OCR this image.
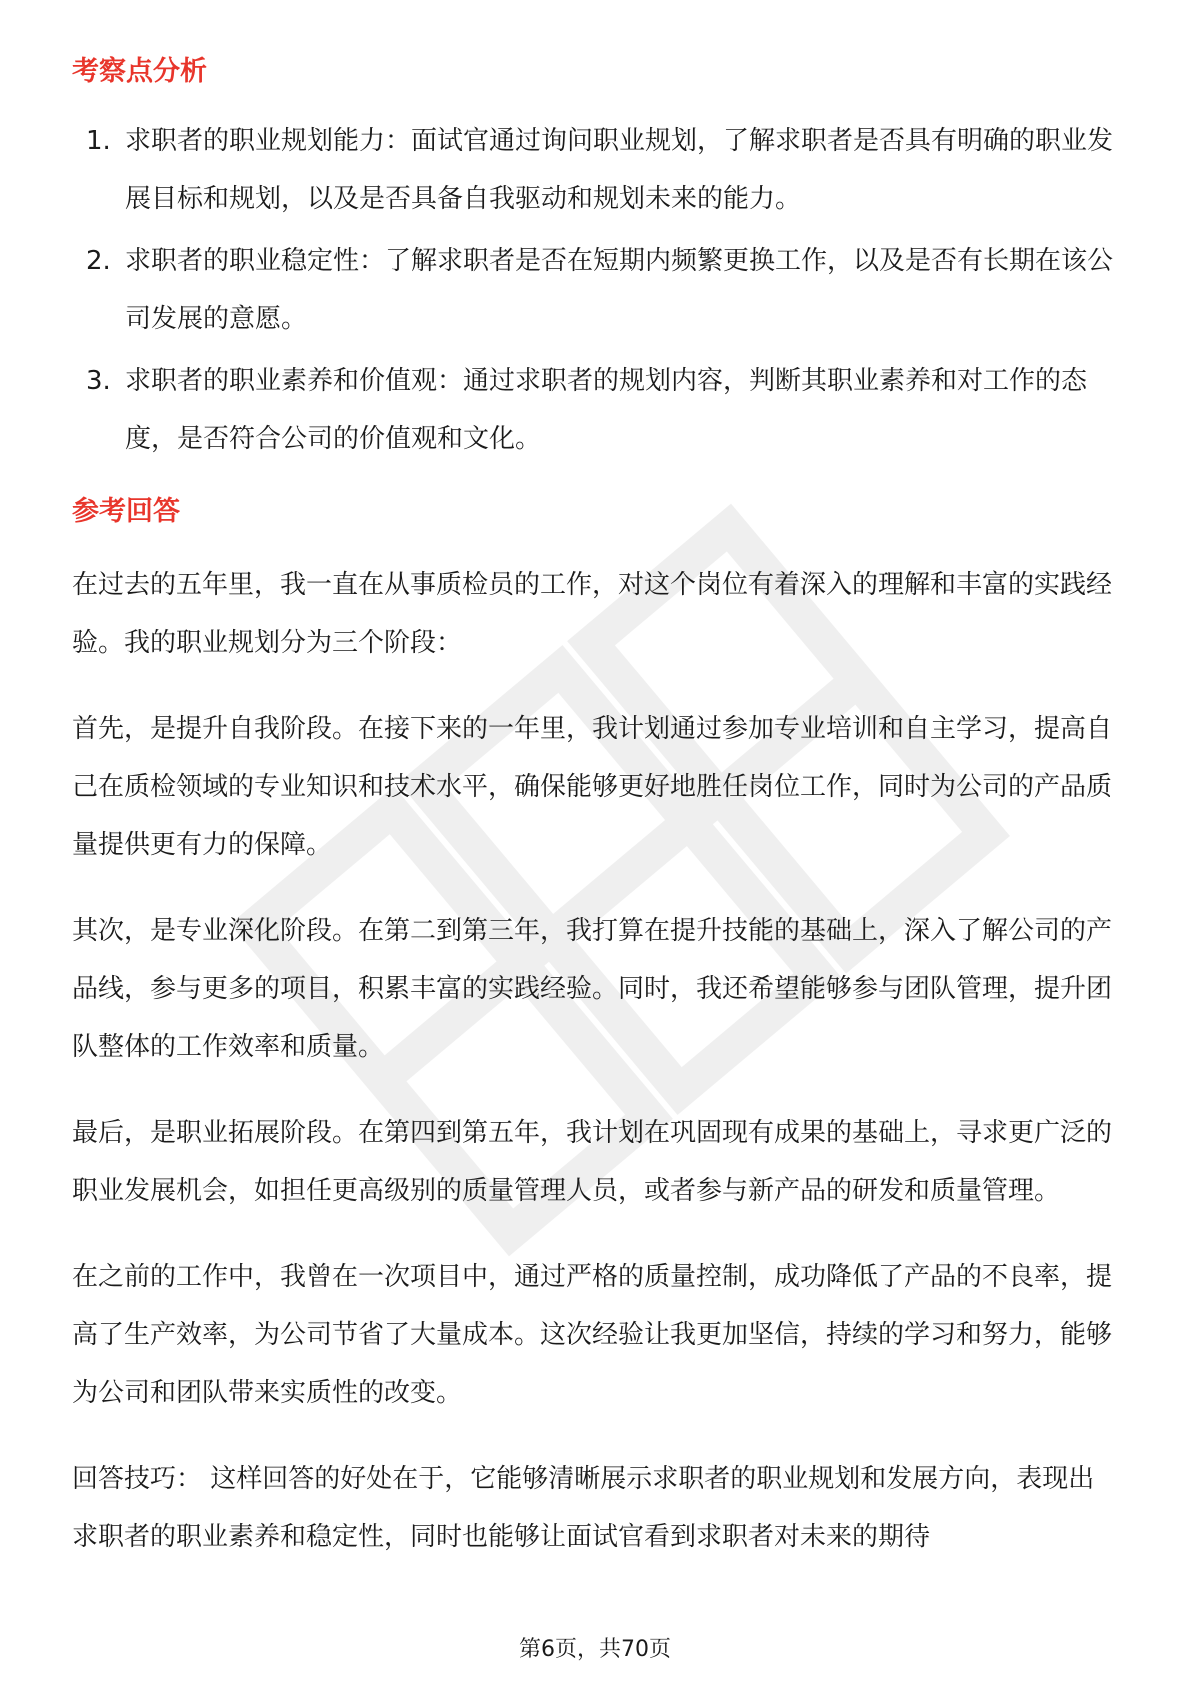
考察点分析
1. 求职者的职业规划能力：面试官通过询问职业规划，了解求职者是否具有明确的职业发展目标和规划，以及是否具备自我驱动和规划未来的能力。
2. 求职者的职业稳定性：了解求职者是否在短期内频繁更换工作，以及是否有长期在该公司发展的意愿。
3. 求职者的职业素养和价值观：通过求职者的规划内容，判断其职业素养和对工作的态度，是否符合公司的价值观和文化。
参考回答

在过去的五年里，我一直在从事质检员的工作，对这个岗位有着深入的理解和丰富的实践经验。我的职业规划分为三个阶段：

首先，是提升自我阶段。在接下来的一年里，我计划通过参加专业培训和自主学习，提高自己在质检领域的专业知识和技术水平，确保能够更好地胜任岗位工作，同时为公司的产品质量提供更有力的保障。

其次，是专业深化阶段。在第二到第三年，我打算在提升技能的基础上，深入了解公司的产品线，参与更多的项目，积累丰富的实践经验。同时，我还希望能够参与团队管理，提升团队整体的工作效率和质量。

最后，是职业拓展阶段。在第四到第五年，我计划在巩固现有成果的基础上，寻求更广泛的职业发展机会，如担任更高级别的质量管理人员，或者参与新产品的研发和质量管理。

在之前的工作中，我曾在一次项目中，通过严格的质量控制，成功降低了产品的不良率，提高了生产效率，为公司节省了大量成本。这次经验让我更加坚信，持续的学习和努力，能够为公司和团队带来实质性的改变。

回答技巧： 这样回答的好处在于，它能够清晰展示求职者的职业规划和发展方向，表现出求职者的职业素养和稳定性，同时也能够让面试官看到求职者对未来的期待

第6页，共70页
